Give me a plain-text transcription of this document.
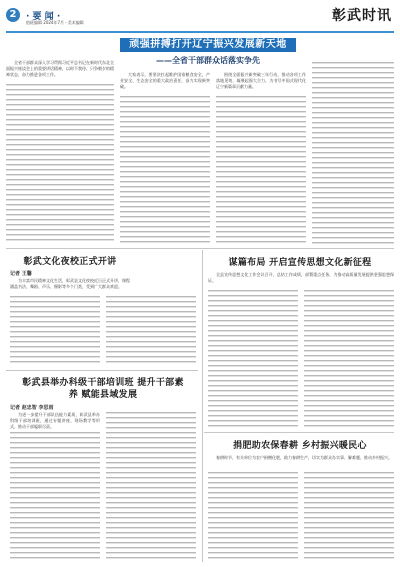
2	· 要 闻 ·
值班编辑 2024年7月 · 美术编辑	彰武时讯
顽强拼搏打开辽宁振兴发展新天地
——全省干部群众话落实争先

全省干部群众深入学习贯彻习近平总书记在新时代东北全面振兴座谈会上的重要讲话精神，以时不我待、只争朝夕的精神状态，奋力推进各项工作。

　　　　　　　　　　　　　　　　　　　　　　　　　　　　　　　　　　　　　　	大家表示，要坚决扛起维护国家粮食安全、产业安全、生态安全的重大政治责任，奋力实现新突破。

围绕全面振兴新突破三年行动，推动各项工作落地见效，凝聚起强大合力，为书写中国式现代化辽宁新篇章贡献力量。

彰武文化夜校正式开讲
记者 王馨

为丰富市民精神文化生活，彰武县文化夜校近日正式开讲，课程涵盖书法、舞蹈、声乐、摄影等多个门类，受到广大群众欢迎。

彰武县举办科级干部培训班 提升干部素养 赋能县域发展
记者 赵忠智 李思雨

为进一步提升干部队伍能力素质，彰武县举办科级干部培训班，通过专题讲座、现场教学等形式，推动干部履职尽责。

谋篇布局 开启宣传思想文化新征程

全县宣传思想文化工作会议召开，总结工作成绩，部署重点任务，为推动高质量发展提供坚强思想保证。

捐肥助农保春耕 乡村振兴暖民心

春耕时节，有关单位为农户捐赠化肥，助力春耕生产，切实为群众办实事、解难题，推动乡村振兴。
